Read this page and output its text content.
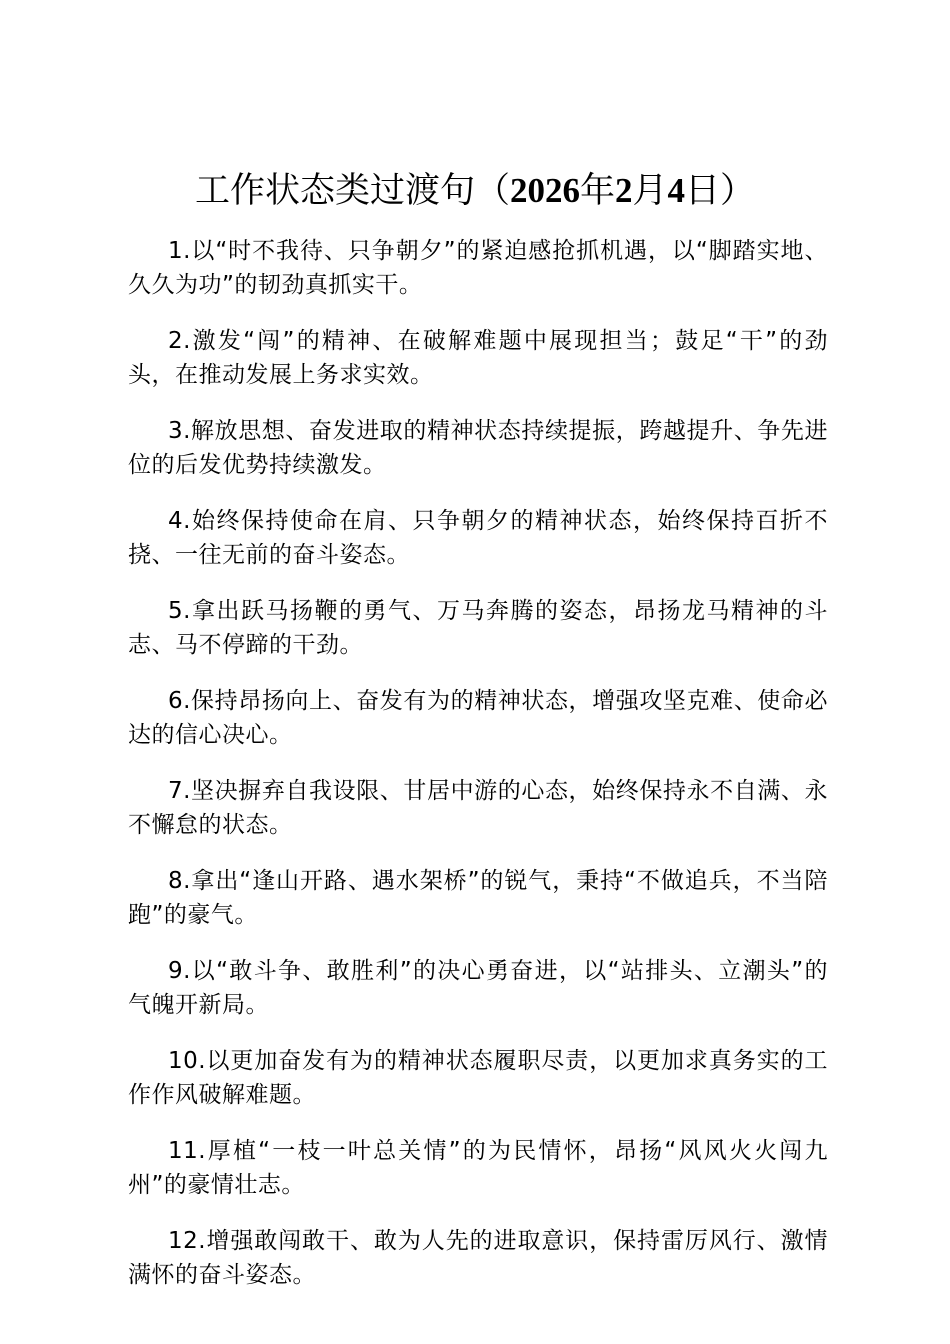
工作状态类过渡句（2026年2月4日）

1.以“时不我待、只争朝夕”的紧迫感抢抓机遇，以“脚踏实地、久久为功”的韧劲真抓实干。

2.激发“闯”的精神、在破解难题中展现担当；鼓足“干”的劲头，在推动发展上务求实效。

3.解放思想、奋发进取的精神状态持续提振，跨越提升、争先进位的后发优势持续激发。

4.始终保持使命在肩、只争朝夕的精神状态，始终保持百折不挠、一往无前的奋斗姿态。

5.拿出跃马扬鞭的勇气、万马奔腾的姿态，昂扬龙马精神的斗志、马不停蹄的干劲。

6.保持昂扬向上、奋发有为的精神状态，增强攻坚克难、使命必达的信心决心。

7.坚决摒弃自我设限、甘居中游的心态，始终保持永不自满、永不懈怠的状态。

8.拿出“逢山开路、遇水架桥”的锐气，秉持“不做追兵，不当陪跑”的豪气。

9.以“敢斗争、敢胜利”的决心勇奋进，以“站排头、立潮头”的气魄开新局。

10.以更加奋发有为的精神状态履职尽责，以更加求真务实的工作作风破解难题。

11.厚植“一枝一叶总关情”的为民情怀，昂扬“风风火火闯九州”的豪情壮志。

12.增强敢闯敢干、敢为人先的进取意识，保持雷厉风行、激情满怀的奋斗姿态。
